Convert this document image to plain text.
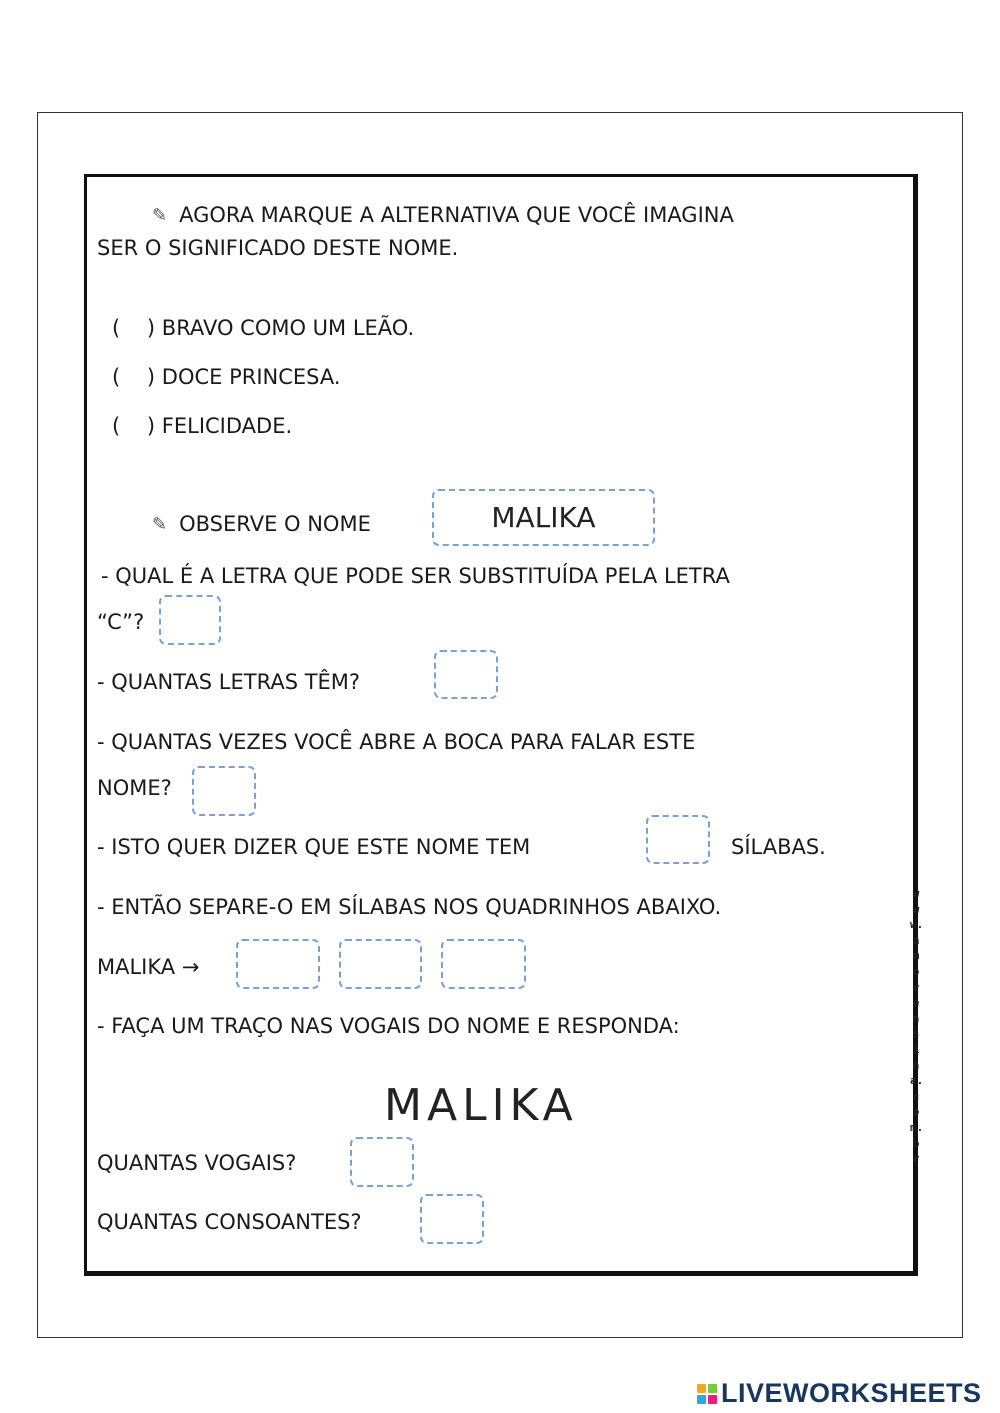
✎ AGORA MARQUE A ALTERNATIVA QUE VOCÊ IMAGINA
SER O SIGNIFICADO DESTE NOME.
(    ) BRAVO COMO UM LEÃO.
(    ) DOCE PRINCESA.
(    ) FELICIDADE.
✎ OBSERVE O NOME	MALIKA
- QUAL É A LETRA QUE PODE SER SUBSTITUÍDA PELA LETRA
“C”?
- QUANTAS LETRAS TÊM?
- QUANTAS VEZES VOCÊ ABRE A BOCA PARA FALAR ESTE
NOME?
- ISTO QUER DIZER QUE ESTE NOME TEM	SÍLABAS.
- ENTÃO SEPARE-O EM SÍLABAS NOS QUADRINHOS ABAIXO.
MALIKA →
- FAÇA UM TRAÇO NAS VOGAIS DO NOME E RESPONDA:
MALIKA
QUANTAS VOGAIS?
QUANTAS CONSOANTES?
www.amorensina.com.br
LIVEWORKSHEETS
